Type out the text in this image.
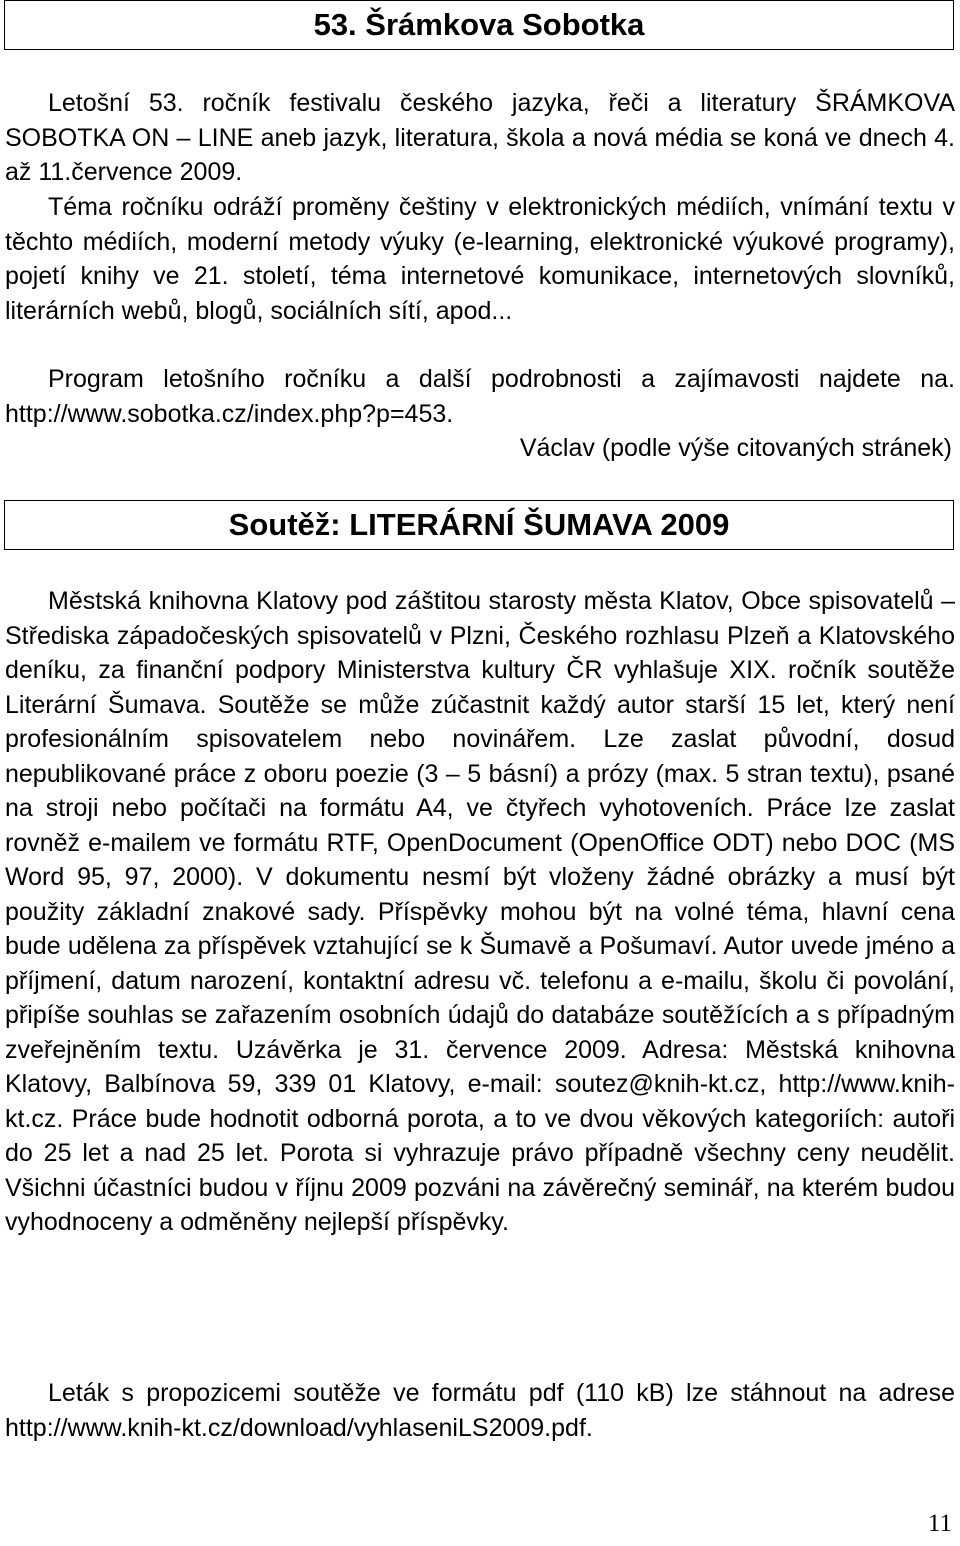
53. Šrámkova Sobotka

Letošní 53. ročník festivalu českého jazyka, řeči a literatury ŠRÁMKOVA SOBOTKA ON – LINE aneb jazyk, literatura, škola a nová média se koná ve dnech 4. až 11.července 2009.

Téma ročníku odráží proměny češtiny v elektronických médiích, vnímání textu v těchto médiích, moderní metody výuky (e-learning, elektronické výukové programy), pojetí knihy ve 21. století, téma internetové komunikace, internetových slovníků, literárních webů, blogů, sociálních sítí, apod...

Program letošního ročníku a další podrobnosti a zajímavosti najdete na. http://www.sobotka.cz/index.php?p=453.

Václav (podle výše citovaných stránek)

Soutěž: LITERÁRNÍ ŠUMAVA 2009

Městská knihovna Klatovy pod záštitou starosty města Klatov, Obce spisovatelů – Střediska západočeských spisovatelů v Plzni, Českého rozhlasu Plzeň a Klatovského deníku, za finanční podpory Ministerstva kultury ČR vyhlašuje XIX. ročník soutěže Literární Šumava. Soutěže se může zúčastnit každý autor starší 15 let, který není profesionálním spisovatelem nebo novinářem. Lze zaslat původní, dosud nepublikované práce z oboru poezie (3 – 5 básní) a prózy (max. 5 stran textu), psané na stroji nebo počítači na formátu A4, ve čtyřech vyhotoveních. Práce lze zaslat rovněž e-mailem ve formátu RTF, OpenDocument (OpenOffice ODT) nebo DOC (MS Word 95, 97, 2000). V dokumentu nesmí být vloženy žádné obrázky a musí být použity základní znakové sady. Příspěvky mohou být na volné téma, hlavní cena bude udělena za příspěvek vztahující se k Šumavě a Pošumaví. Autor uvede jméno a příjmení, datum narození, kontaktní adresu vč. telefonu a e-mailu, školu či povolání, připíše souhlas se zařazením osobních údajů do databáze soutěžících a s případným zveřejněním textu. Uzávěrka je 31. července 2009. Adresa: Městská knihovna Klatovy, Balbínova 59, 339 01 Klatovy, e-mail: soutez@knih-kt.cz, http://www.knih-kt.cz. Práce bude hodnotit odborná porota, a to ve dvou věkových kategoriích: autoři do 25 let a nad 25 let. Porota si vyhrazuje právo případně všechny ceny neudělit. Všichni účastníci budou v říjnu 2009 pozváni na závěrečný seminář, na kterém budou vyhodnoceny a odměněny nejlepší příspěvky.

Leták s propozicemi soutěže ve formátu pdf (110 kB) lze stáhnout na adrese http://www.knih-kt.cz/download/vyhlaseniLS2009.pdf.

11
